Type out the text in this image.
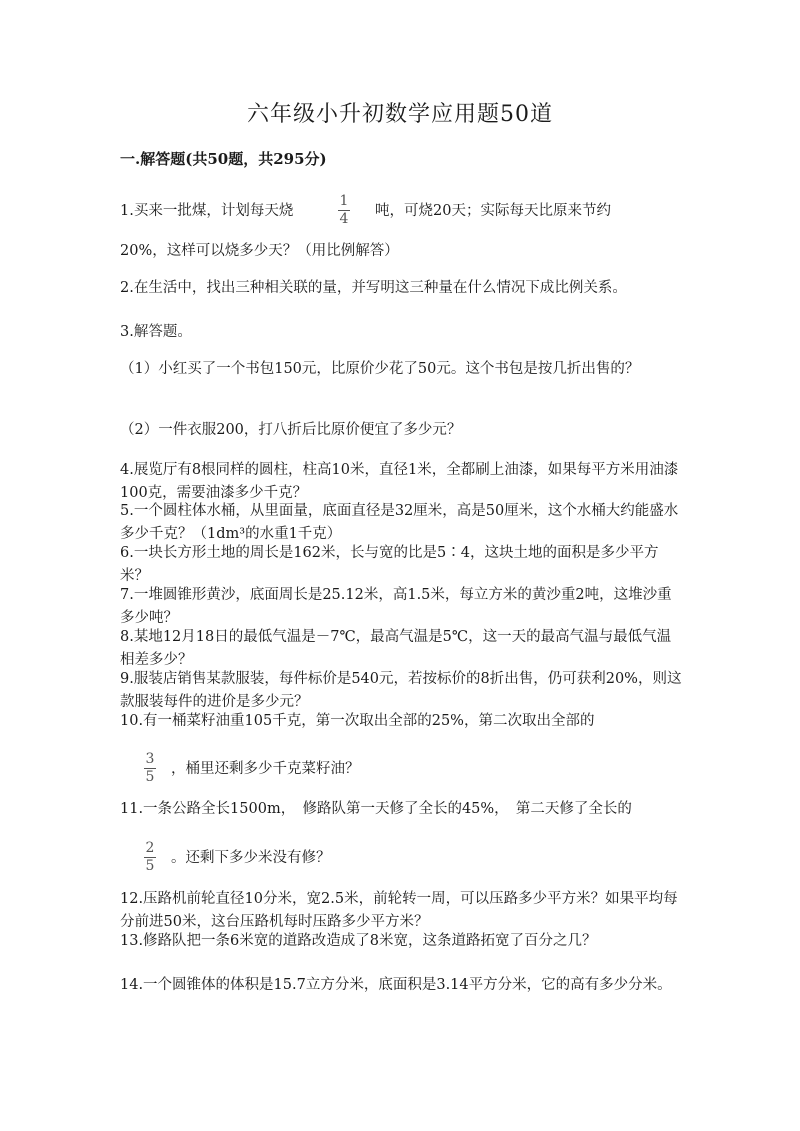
六年级小升初数学应用题50道
一.解答题(共50题，共295分)
1.买来一批煤，计划每天烧
1
4 吨，可烧20天；实际每天比原来节约
20%，这样可以烧多少天？（用比例解答）

2.在生活中，找出三种相关联的量，并写明这三种量在什么情况下成比例关系。

3.解答题。

（1）小红买了一个书包150元，比原价少花了50元。这个书包是按几折出售的？

（2）一件衣服200，打八折后比原价便宜了多少元？

4.展览厅有8根同样的圆柱，柱高10米，直径1米，全都刷上油漆，如果每平方米用油漆100克，需要油漆多少千克？

5.一个圆柱体水桶，从里面量，底面直径是32厘米，高是50厘米，这个水桶大约能盛水多少千克？（1dm³的水重1千克）

6.一块长方形土地的周长是162米，长与宽的比是5∶4，这块土地的面积是多少平方米？

7.一堆圆锥形黄沙，底面周长是25.12米，高1.5米，每立方米的黄沙重2吨，这堆沙重多少吨？

8.某地12月18日的最低气温是－7℃，最高气温是5℃，这一天的最高气温与最低气温相差多少？

9.服装店销售某款服装，每件标价是540元，若按标价的8折出售，仍可获利20%，则这款服装每件的进价是多少元？

10.有一桶菜籽油重105千克，第一次取出全部的25%，第二次取出全部的
3
5 ，桶里还剩多少千克菜籽油？
11.一条公路全长1500m，　修路队第一天修了全长的45%，　第二天修了全长的
2
5 。还剩下多少米没有修？

12.压路机前轮直径10分米，宽2.5米，前轮转一周，可以压路多少平方米？如果平均每分前进50米，这台压路机每时压路多少平方米？

13.修路队把一条6米宽的道路改造成了8米宽，这条道路拓宽了百分之几？

14.一个圆锥体的体积是15.7立方分米，底面积是3.14平方分米，它的高有多少分米。
